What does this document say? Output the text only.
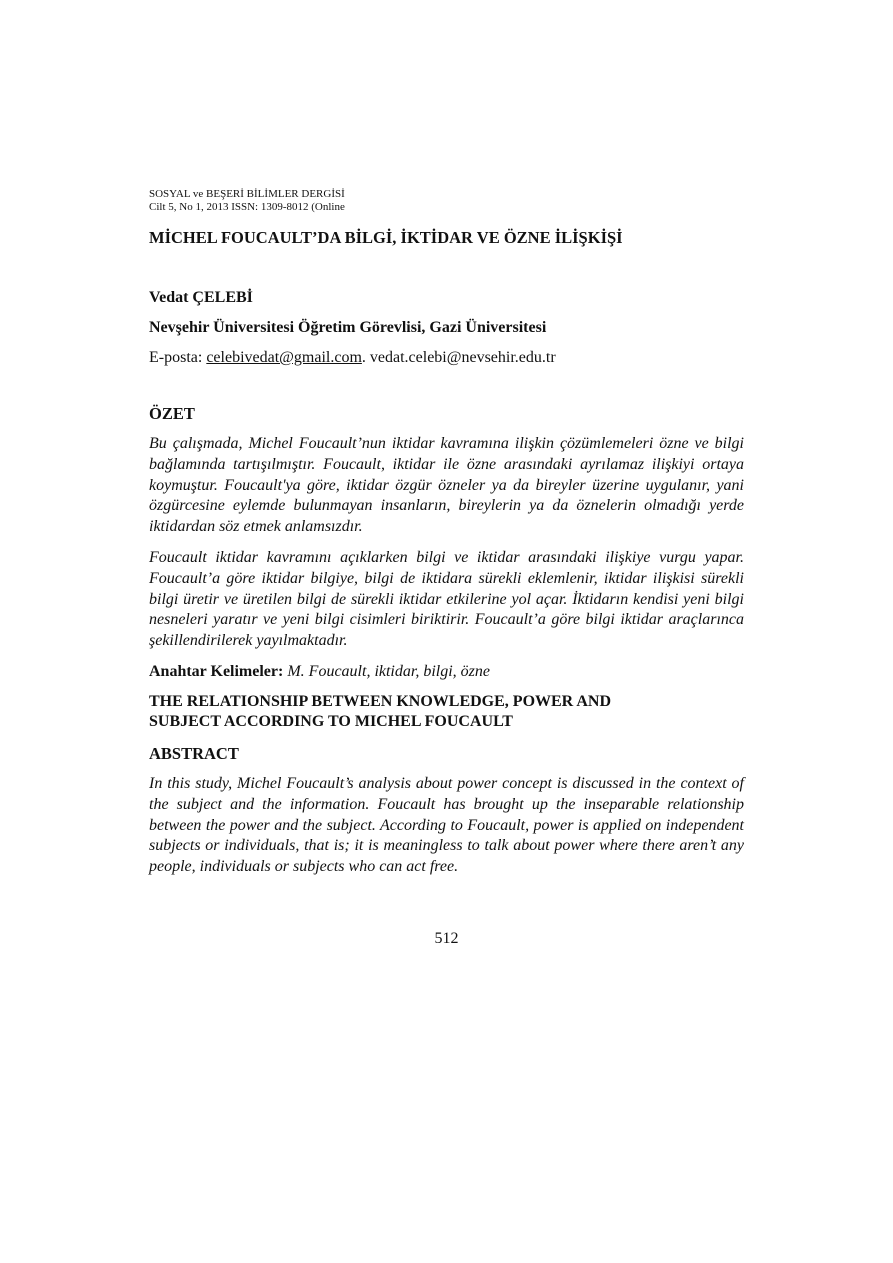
SOSYAL ve BEŞERİ BİLİMLER DERGİSİ

Cilt 5, No 1, 2013 ISSN: 1309-8012 (Online

MİCHEL FOUCAULT’DA BİLGİ, İKTİDAR VE ÖZNE İLİŞKİŞİ

Vedat ÇELEBİ

Nevşehir Üniversitesi Öğretim Görevlisi, Gazi Üniversitesi

E-posta: celebivedat@gmail.com. vedat.celebi@nevsehir.edu.tr

ÖZET

Bu çalışmada, Michel Foucault’nun iktidar kavramına ilişkin çözümlemeleri özne ve bilgi bağlamında tartışılmıştır. Foucault, iktidar ile özne arasındaki ayrılamaz ilişkiyi ortaya koymuştur. Foucault'ya göre, iktidar özgür özneler ya da bireyler üzerine uygulanır, yani özgürcesine eylemde bulunmayan insanların, bireylerin ya da öznelerin olmadığı yerde iktidardan söz etmek anlamsızdır.

Foucault iktidar kavramını açıklarken bilgi ve iktidar arasındaki ilişkiye vurgu yapar. Foucault’a göre iktidar bilgiye, bilgi de iktidara sürekli eklemlenir, iktidar ilişkisi sürekli bilgi üretir ve üretilen bilgi de sürekli iktidar etkilerine yol açar. İktidarın kendisi yeni bilgi nesneleri yaratır ve yeni bilgi cisimleri biriktirir. Foucault’a göre bilgi iktidar araçlarınca şekillendirilerek yayılmaktadır.

Anahtar Kelimeler: M. Foucault, iktidar, bilgi, özne

THE RELATIONSHIP BETWEEN KNOWLEDGE, POWER AND
SUBJECT ACCORDING TO MICHEL FOUCAULT
ABSTRACT

In this study, Michel Foucault’s analysis about power concept is discussed in the context of the subject and the information. Foucault has brought up the inseparable relationship between the power and the subject. According to Foucault, power is applied on independent subjects or individuals, that is; it is meaningless to talk about power where there aren’t any people, individuals or subjects who can act free.

512
